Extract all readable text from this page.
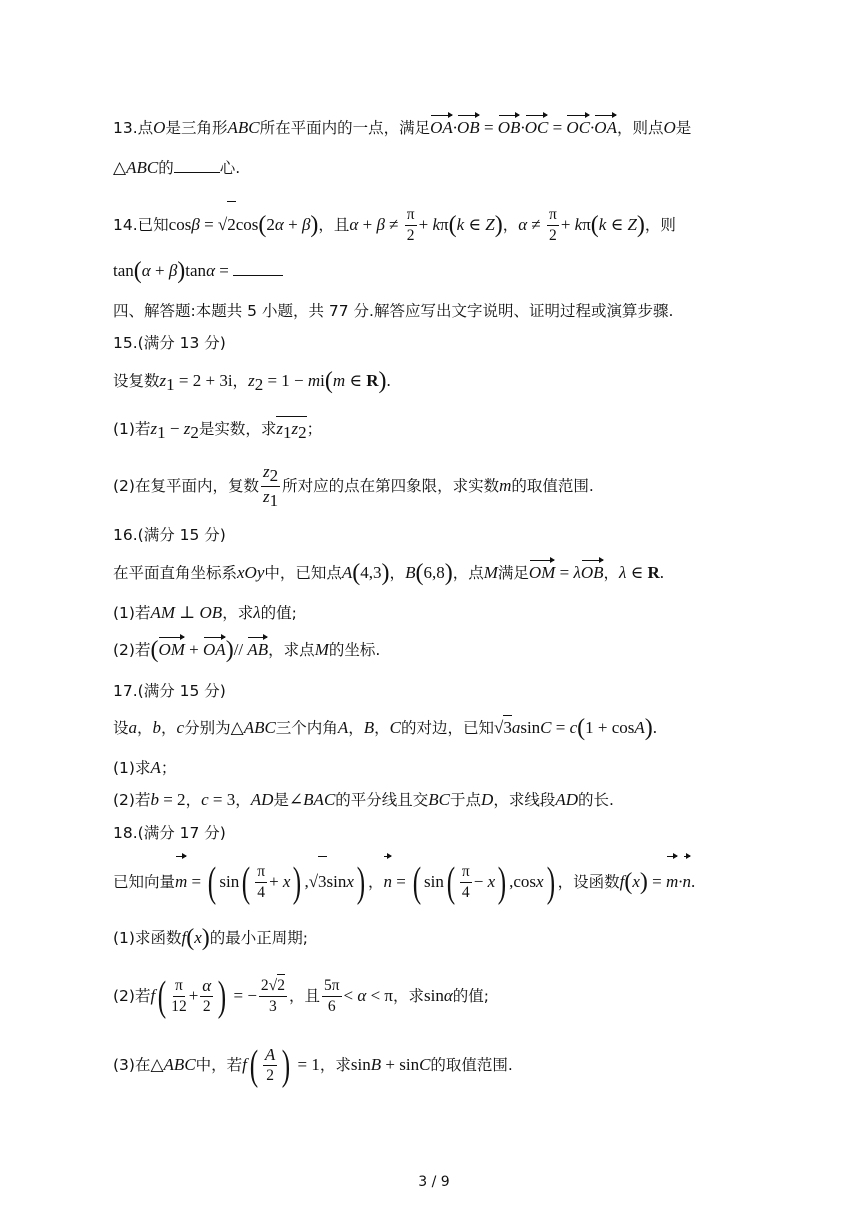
13.点O是三角形ABC所在平面内的一点，满足OA·OB = OB·OC = OC·OA，则点O是
△ABC的	心.
14.已知cosβ = √2cos(2α + β)，且$\alpha + \beta \ne \frac{\pi}{2} + k\pi(k$ ∈ Z)，$\alpha \ne \frac{\pi}{2} + k\pi(k$ ∈ Z)，则
tan(α + β)tanα =
四、解答题:本题共 5 小题，共 77 分.解答应写出文字说明、证明过程或演算步骤.
15.(满分 13 分)
设复数$z_1 = 2 + 3i$，$z_2 = 1 - mi(m$ ∈ R).
(1)若$z_1 - z_2$是实数，求$z_1z_2$；
(2)在复平面内，复数 $\frac{z_2}{z_1}$ 所对应的点在第四象限，求实数m的取值范围.
16.(满分 15 分)
在平面直角坐标系xOy中，已知点A(4,3)，B(6,8)，点M满足OM = λOB，λ ∈ R.
(1)若AM ⊥ OB，求λ的值;
(2)若(OM + OA)// AB，求点M的坐标.
17.(满分 15 分)
设a，b，c分别为△ABC三个内角A，B，C的对边，已知√3asinC = c(1 + cosA).
(1)求A；
(2)若b = 2，c = 3，AD是∠BAC的平分线且交BC于点D，求线段AD的长.
18.(满分 17 分)
已知向量m = ( $\sin( \frac{\pi}{4} + x)$ ,√3sinx) ，n = ( $\sin( \frac{\pi}{4} - x)$ ,cosx) ，设函数f(x) = m·n.
(1)求函数f(x)的最小正周期;
(2)若$f( \frac{\pi}{12} + \frac{\alpha}{2}$ ) = − $\frac{2√2}{3}$ ，且 $\frac{5\pi}{6} < \alpha < \pi$，求sinα的值;
(3)在△ABC中，若$f( \frac{A}{2}$ ) = 1，求sinB + sinC的取值范围.
3 / 9
